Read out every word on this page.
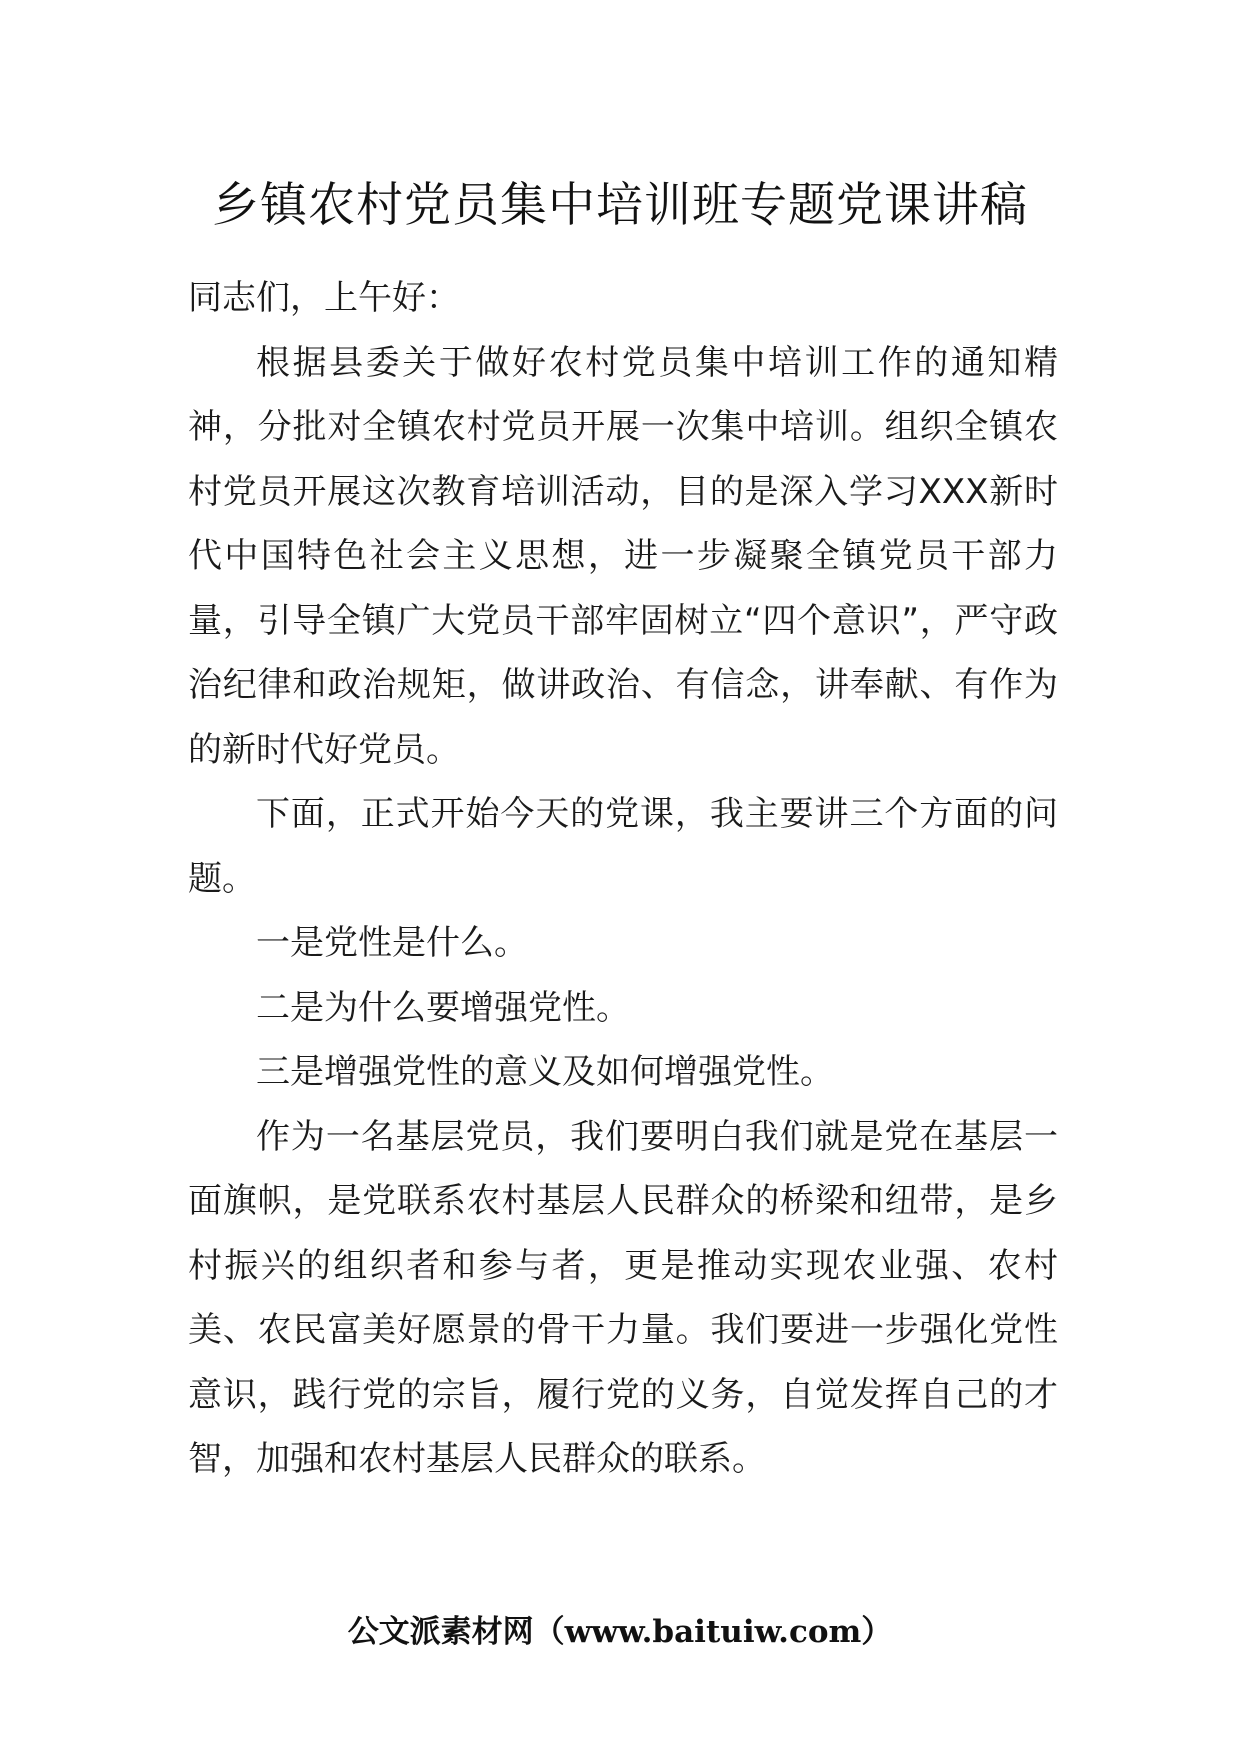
乡镇农村党员集中培训班专题党课讲稿

同志们，上午好：

根据县委关于做好农村党员集中培训工作的通知精神，分批对全镇农村党员开展一次集中培训。组织全镇农村党员开展这次教育培训活动，目的是深入学习XXX新时代中国特色社会主义思想，进一步凝聚全镇党员干部力量，引导全镇广大党员干部牢固树立“四个意识”，严守政治纪律和政治规矩，做讲政治、有信念，讲奉献、有作为的新时代好党员。

下面，正式开始今天的党课，我主要讲三个方面的问题。

一是党性是什么。

二是为什么要增强党性。

三是增强党性的意义及如何增强党性。

作为一名基层党员，我们要明白我们就是党在基层一面旗帜，是党联系农村基层人民群众的桥梁和纽带，是乡村振兴的组织者和参与者，更是推动实现农业强、农村美、农民富美好愿景的骨干力量。我们要进一步强化党性意识，践行党的宗旨，履行党的义务，自觉发挥自己的才智，加强和农村基层人民群众的联系。

公文派素材网（www.baituiw.com）
